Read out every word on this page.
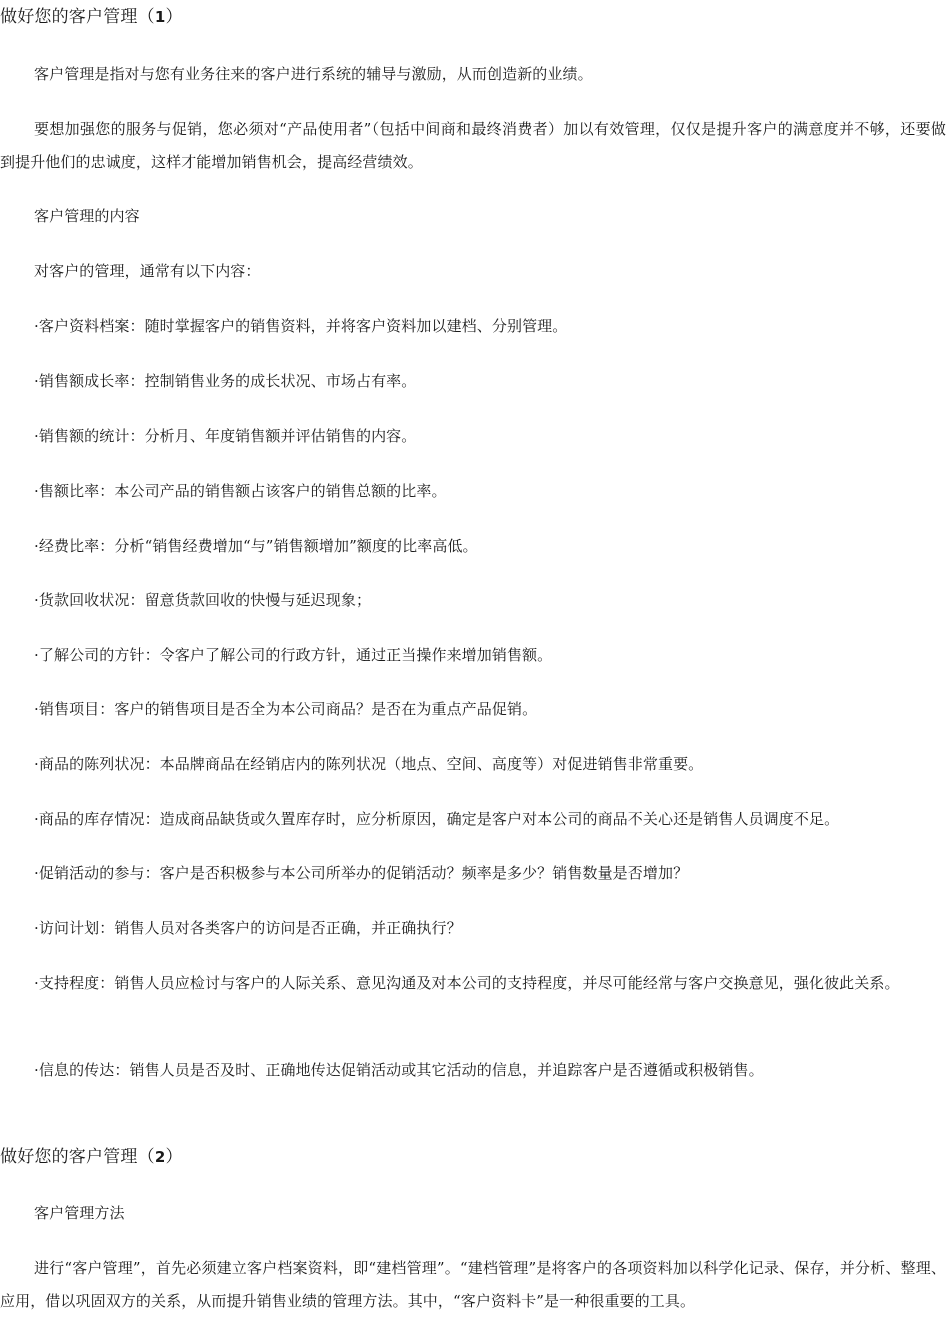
做好您的客户管理（1）
客户管理是指对与您有业务往来的客户进行系统的辅导与激励，从而创造新的业绩。
要想加强您的服务与促销，您必须对“产品使用者”（包括中间商和最终消费者）加以有效管理，仅仅是提升客户的满意度并不够，还要做到提升他们的忠诚度，这样才能增加销售机会，提高经营绩效。
客户管理的内容
对客户的管理，通常有以下内容：
·客户资料档案：随时掌握客户的销售资料，并将客户资料加以建档、分别管理。
·销售额成长率：控制销售业务的成长状况、市场占有率。
·销售额的统计：分析月、年度销售额并评估销售的内容。
·售额比率：本公司产品的销售额占该客户的销售总额的比率。
·经费比率：分析“销售经费增加“与”销售额增加”额度的比率高低。
·货款回收状况：留意货款回收的快慢与延迟现象；
·了解公司的方针：令客户了解公司的行政方针，通过正当操作来增加销售额。
·销售项目：客户的销售项目是否全为本公司商品？是否在为重点产品促销。
·商品的陈列状况：本品牌商品在经销店内的陈列状况（地点、空间、高度等）对促进销售非常重要。
·商品的库存情况：造成商品缺货或久置库存时，应分析原因，确定是客户对本公司的商品不关心还是销售人员调度不足。
·促销活动的参与：客户是否积极参与本公司所举办的促销活动？频率是多少？销售数量是否增加？
·访问计划：销售人员对各类客户的访问是否正确，并正确执行？
·支持程度：销售人员应检讨与客户的人际关系、意见沟通及对本公司的支持程度，并尽可能经常与客户交换意见，强化彼此关系。
·信息的传达：销售人员是否及时、正确地传达促销活动或其它活动的信息，并追踪客户是否遵循或积极销售。
做好您的客户管理（2）
客户管理方法
进行“客户管理”，首先必须建立客户档案资料，即“建档管理”。“建档管理”是将客户的各项资料加以科学化记录、保存，并分析、整理、应用，借以巩固双方的关系，从而提升销售业绩的管理方法。其中，“客户资料卡”是一种很重要的工具。
